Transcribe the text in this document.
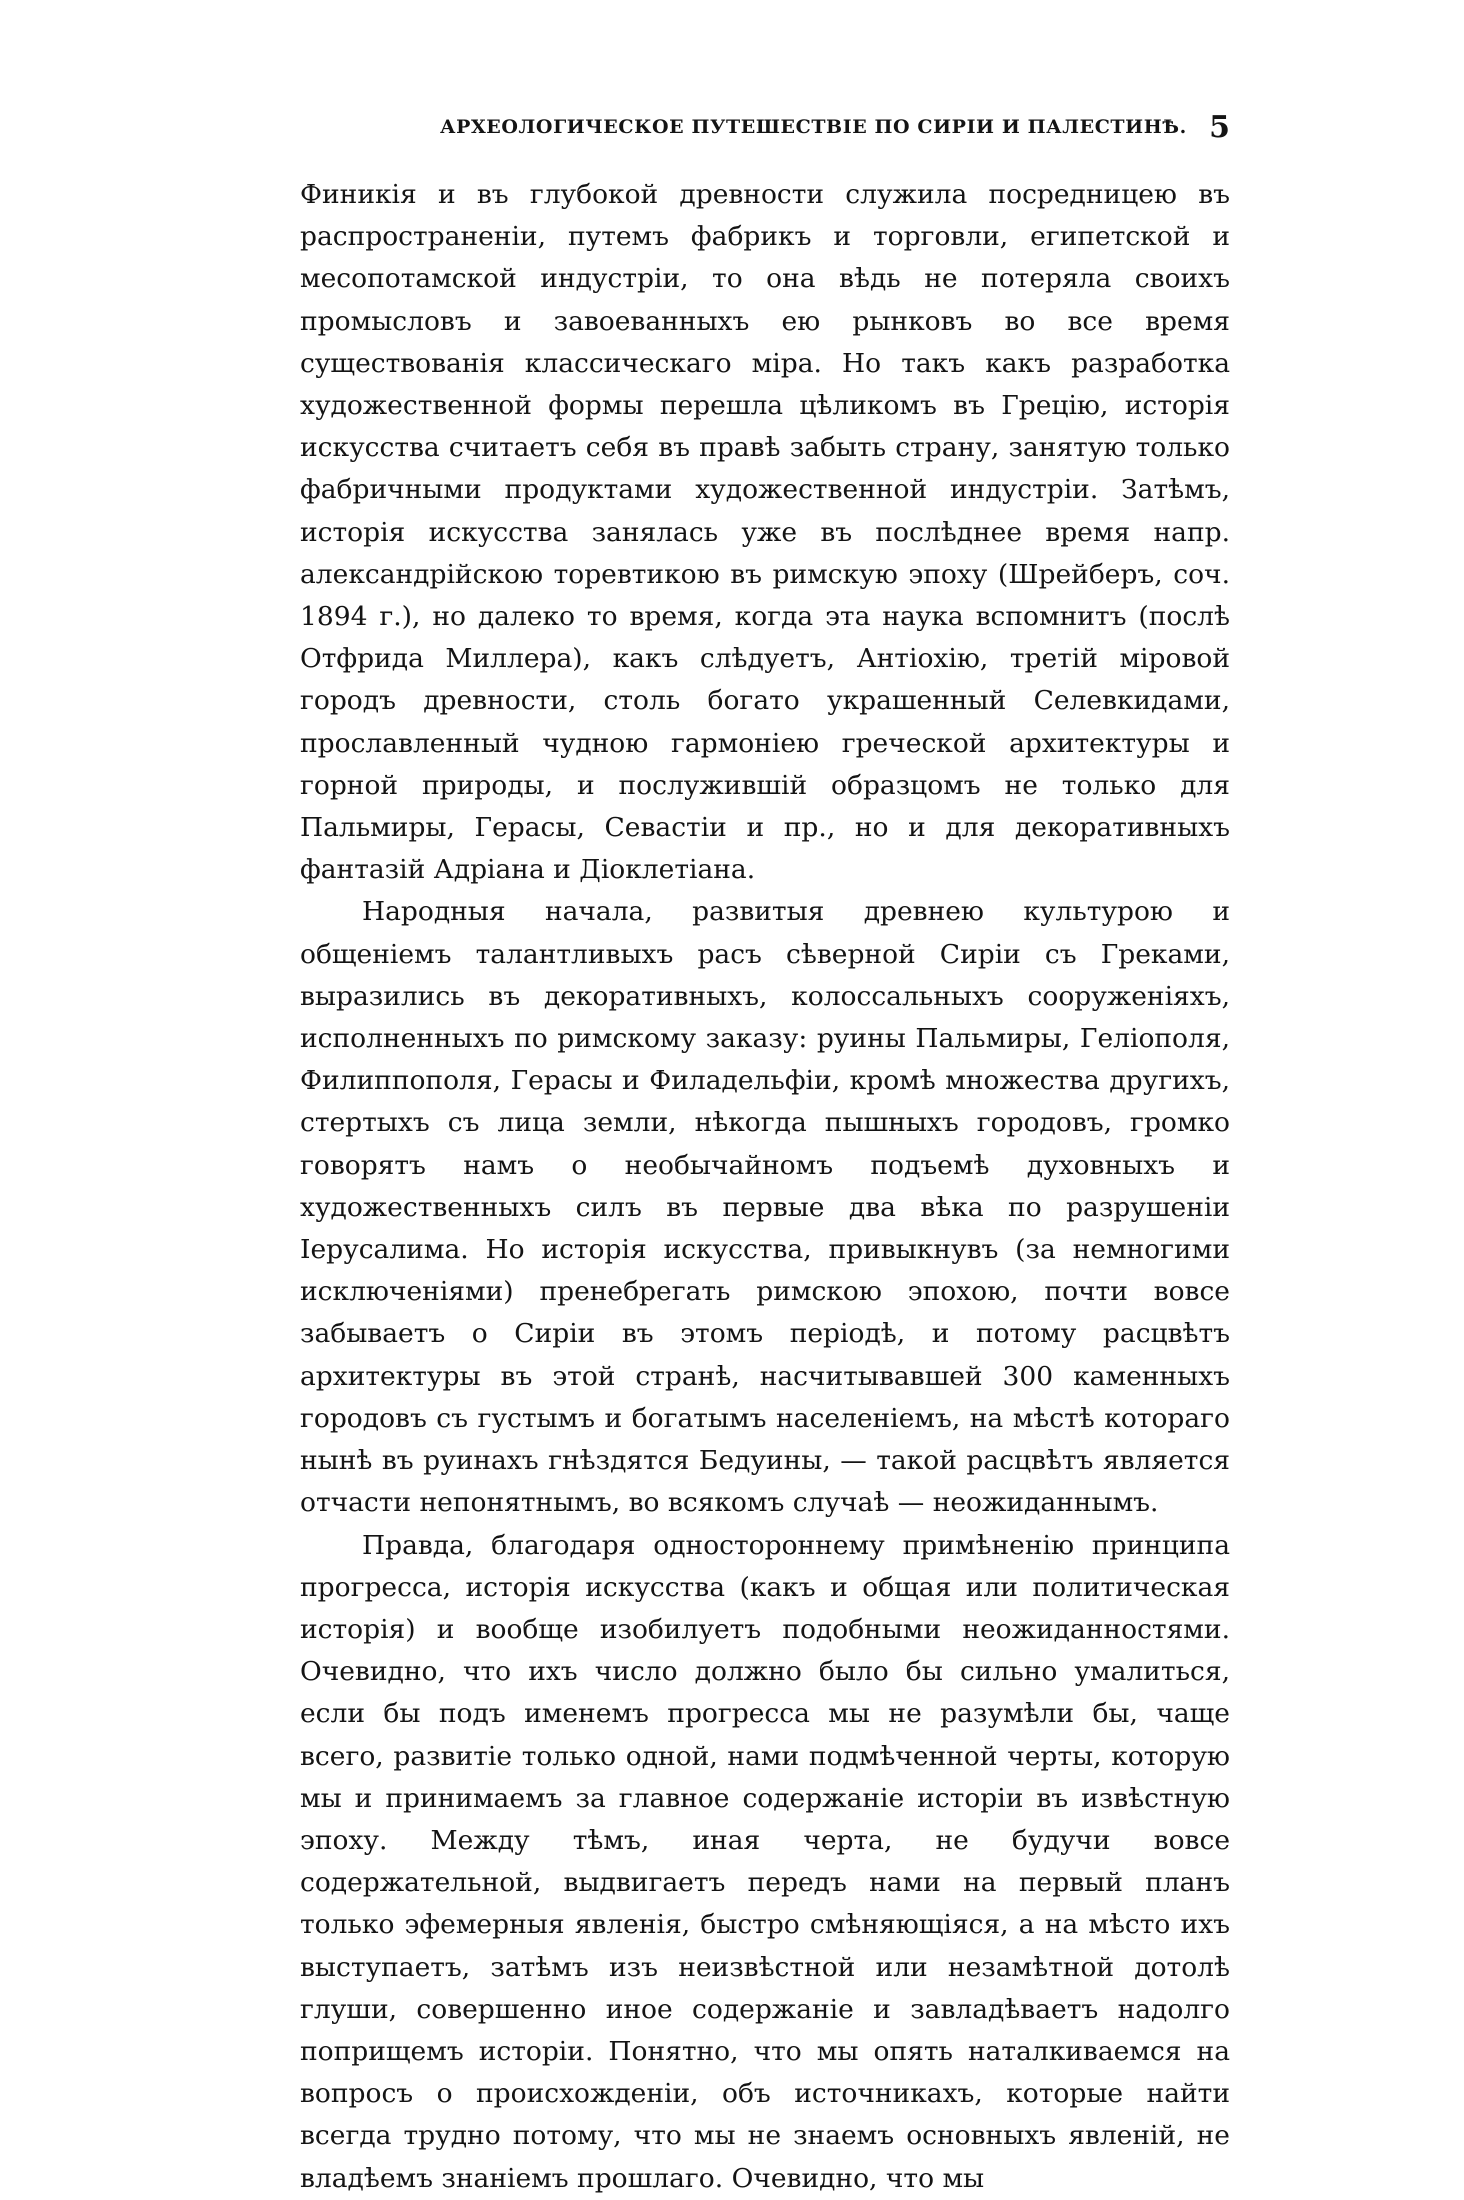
АРХЕОЛОГИЧЕСКОЕ ПУТЕШЕСТВІЕ ПО СИРІИ И ПАЛЕСТИНѢ. 5

Финикія и въ глубокой древности служила посредницею въ распространеніи, путемъ фабрикъ и торговли, египетской и месопотамской индустріи, то она вѣдь не потеряла своихъ промысловъ и завоеванныхъ ею рынковъ во все время существованія классическаго міра. Но такъ какъ разработка художественной формы перешла цѣликомъ въ Грецію, исторія искусства считаетъ себя въ правѣ забыть страну, занятую только фабричными продуктами художественной индустріи. Затѣмъ, исторія искусства занялась уже въ послѣднее время напр. александрійскою торевтикою въ римскую эпоху (Шрейберъ, соч. 1894 г.), но далеко то время, когда эта наука вспомнитъ (послѣ Отфрида Миллера), какъ слѣдуетъ, Антіохію, третій міровой городъ древности, столь богато украшенный Селевкидами, прославленный чудною гармоніею греческой архитектуры и горной природы, и послужившій образцомъ не только для Пальмиры, Герасы, Севастіи и пр., но и для декоративныхъ фантазій Адріана и Діоклетіана.

Народныя начала, развитыя древнею культурою и общеніемъ талантливыхъ расъ сѣверной Сиріи съ Греками, выразились въ декоративныхъ, колоссальныхъ сооруженіяхъ, исполненныхъ по римскому заказу: руины Пальмиры, Геліополя, Филиппополя, Герасы и Филадельфіи, кромѣ множества другихъ, стертыхъ съ лица земли, нѣкогда пышныхъ городовъ, громко говорятъ намъ о необычайномъ подъемѣ духовныхъ и художественныхъ силъ въ первые два вѣка по разрушеніи Іерусалима. Но исторія искусства, привыкнувъ (за немногими исключеніями) пренебрегать римскою эпохою, почти вовсе забываетъ о Сиріи въ этомъ періодѣ, и потому расцвѣтъ архитектуры въ этой странѣ, насчитывавшей 300 каменныхъ городовъ съ густымъ и богатымъ населеніемъ, на мѣстѣ котораго нынѣ въ руинахъ гнѣздятся Бедуины, — такой расцвѣтъ является отчасти непонятнымъ, во всякомъ случаѣ — неожиданнымъ.

Правда, благодаря одностороннему примѣненію принципа прогресса, исторія искусства (какъ и общая или политическая исторія) и вообще изобилуетъ подобными неожиданностями. Очевидно, что ихъ число должно было бы сильно умалиться, если бы подъ именемъ прогресса мы не разумѣли бы, чаще всего, развитіе только одной, нами подмѣченной черты, которую мы и принимаемъ за главное содержаніе исторіи въ извѣстную эпоху. Между тѣмъ, иная черта, не будучи вовсе содержательной, выдвигаетъ передъ нами на первый планъ только эфемерныя явленія, быстро смѣняющіяся, а на мѣсто ихъ выступаетъ, затѣмъ изъ неизвѣстной или незамѣтной дотолѣ глуши, совершенно иное содержаніе и завладѣваетъ надолго поприщемъ исторіи. Понятно, что мы опять наталкиваемся на вопросъ о происхожденіи, объ источникахъ, которые найти всегда трудно потому, что мы не знаемъ основныхъ явленій, не владѣемъ знаніемъ прошлаго. Очевидно, что мы
